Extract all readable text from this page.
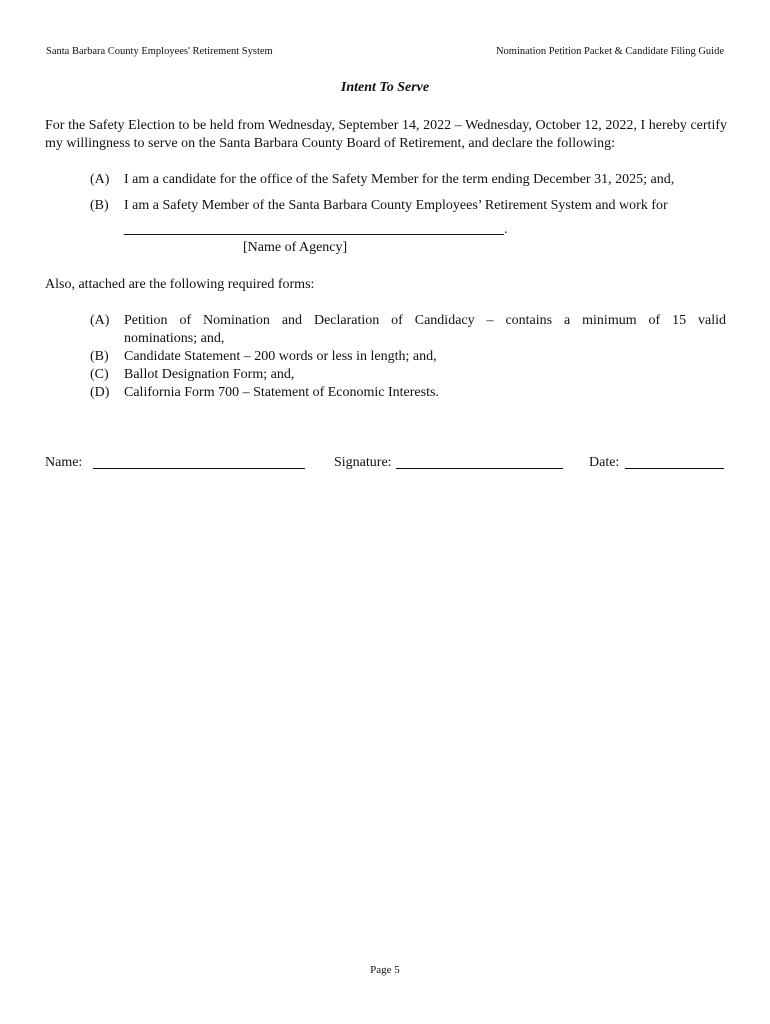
Santa Barbara County Employees' Retirement System	Nomination Petition Packet & Candidate Filing Guide
Intent To Serve
For the Safety Election to be held from Wednesday, September 14, 2022 – Wednesday, October 12, 2022, I hereby certify my willingness to serve on the Santa Barbara County Board of Retirement, and declare the following:
(A) I am a candidate for the office of the Safety Member for the term ending December 31, 2025; and,
(B) I am a Safety Member of the Santa Barbara County Employees’ Retirement System and work for
.
[Name of Agency]
Also, attached are the following required forms:
(A) Petition of Nomination and Declaration of Candidacy – contains a minimum of 15 valid
nominations; and,
(B) Candidate Statement – 200 words or less in length; and,
(C) Ballot Designation Form; and,
(D) California Form 700 – Statement of Economic Interests.
Name:	Signature:	Date:
Page 5
